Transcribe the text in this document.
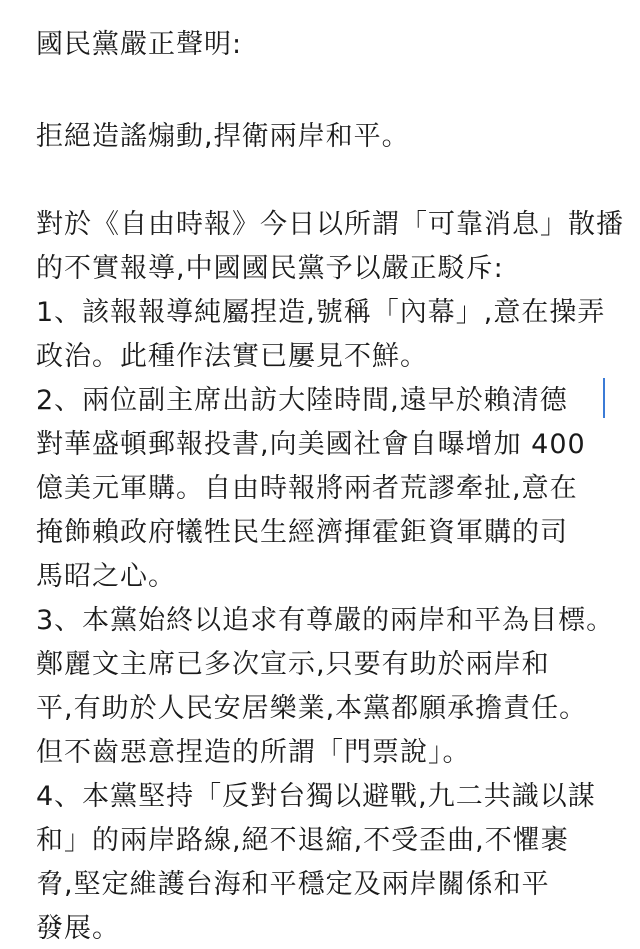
國民黨嚴正聲明:
拒絕造謠煽動,捍衛兩岸和平。
對於《自由時報》今日以所謂「可靠消息」散播
的不實報導,中國國民黨予以嚴正駁斥:
1、該報報導純屬捏造,號稱「內幕」,意在操弄
政治。此種作法實已屢見不鮮。
2、兩位副主席出訪大陸時間,遠早於賴清德
對華盛頓郵報投書,向美國社會自曝增加 400
億美元軍購。自由時報將兩者荒謬牽扯,意在
掩飾賴政府犧牲民生經濟揮霍鉅資軍購的司
馬昭之心。
3、本黨始終以追求有尊嚴的兩岸和平為目標。
鄭麗文主席已多次宣示,只要有助於兩岸和
平,有助於人民安居樂業,本黨都願承擔責任。
但不齒惡意捏造的所謂「門票說」。
4、本黨堅持「反對台獨以避戰,九二共識以謀
和」的兩岸路線,絕不退縮,不受歪曲,不懼裹
脅,堅定維護台海和平穩定及兩岸關係和平
發展。
